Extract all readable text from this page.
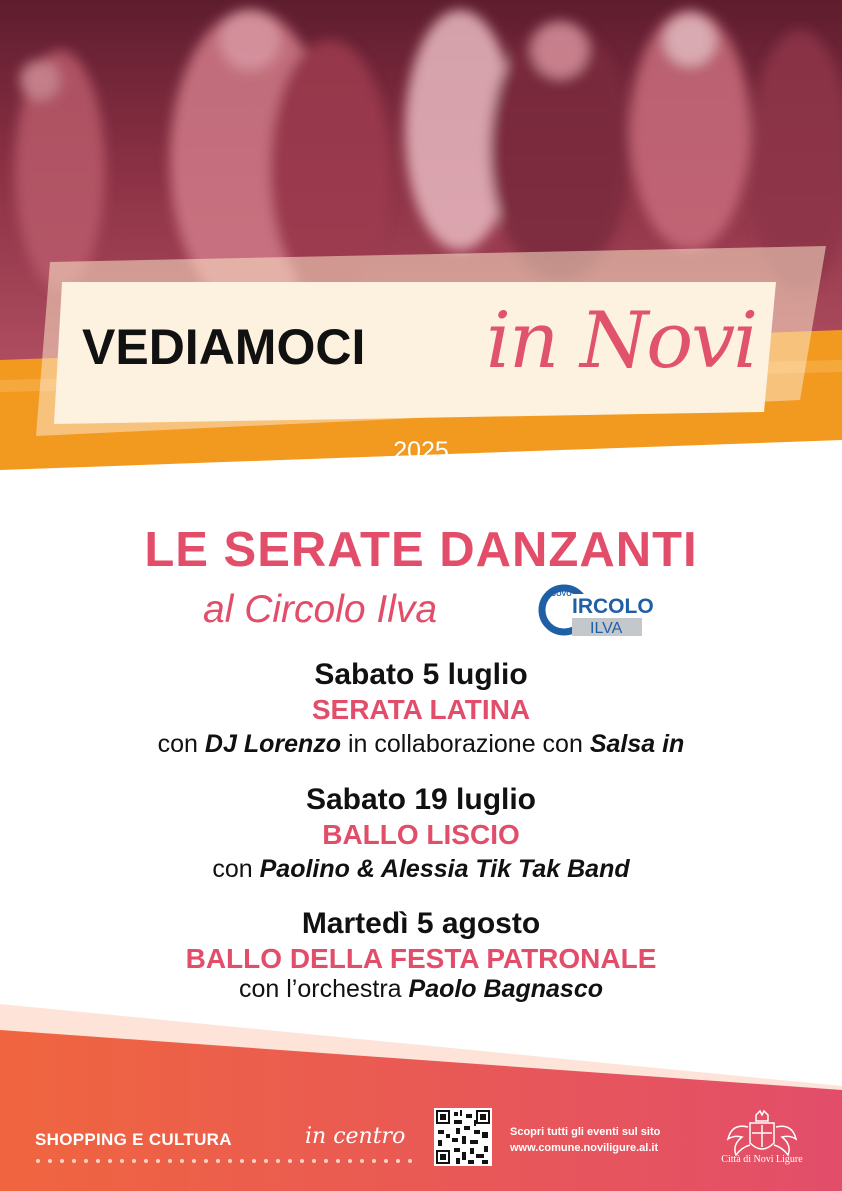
VEDIAMOCI in Novi
2025
LE SERATE DANZANTI
al Circolo Ilva	NUOVO
IRCOLO
ILVA
Sabato 5 luglio
SERATA LATINA
con DJ Lorenzo in collaborazione con Salsa in
Sabato 19 luglio
BALLO LISCIO
con Paolino & Alessia Tik Tak Band
Martedì 5 agosto
BALLO DELLA FESTA PATRONALE
con l’orchestra Paolo Bagnasco
SHOPPING E CULTURA	in centro	Scopri tutti gli eventi sul sito
www.comune.noviligure.al.it
Città di Novi Ligure
